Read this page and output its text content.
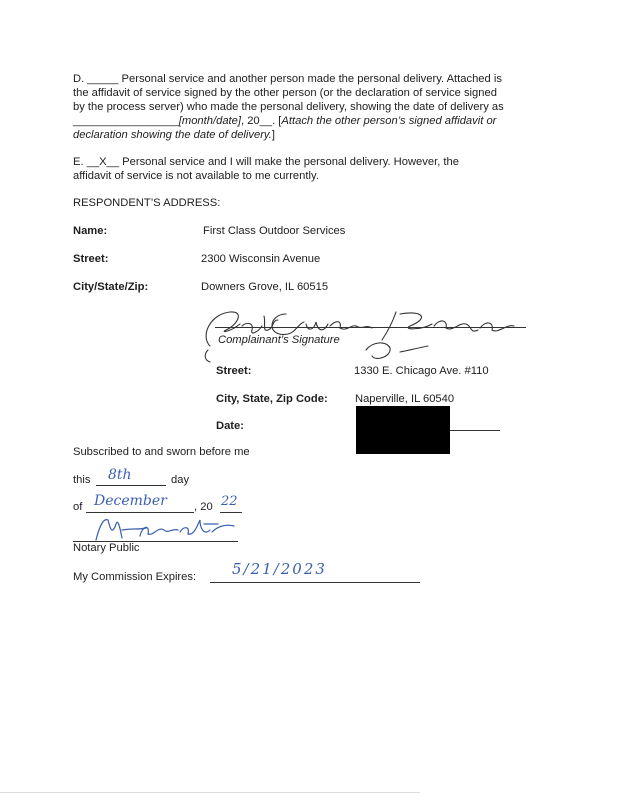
D. _____ Personal service and another person made the personal delivery. Attached is
the affidavit of service signed by the other person (or the declaration of service signed
by the process server) who made the personal delivery, showing the date of delivery as
_________________[month/date], 20__. [Attach the other person’s signed affidavit or
declaration showing the date of delivery.]
E. __X__ Personal service and I will make the personal delivery. However, the
affidavit of service is not available to me currently.
RESPONDENT’S ADDRESS:
Name:	First Class Outdoor Services
Street:	2300 Wisconsin Avenue
City/State/Zip:	Downers Grove, IL 60515
Complainant’s Signature
Street:	1330 E. Chicago Ave. #110
City, State, Zip Code: Naperville, IL 60540
Date:
Subscribed to and sworn before me
this 8th	day
of December , 20 22
Notary Public
My Commission Expires: 5/21/2023
